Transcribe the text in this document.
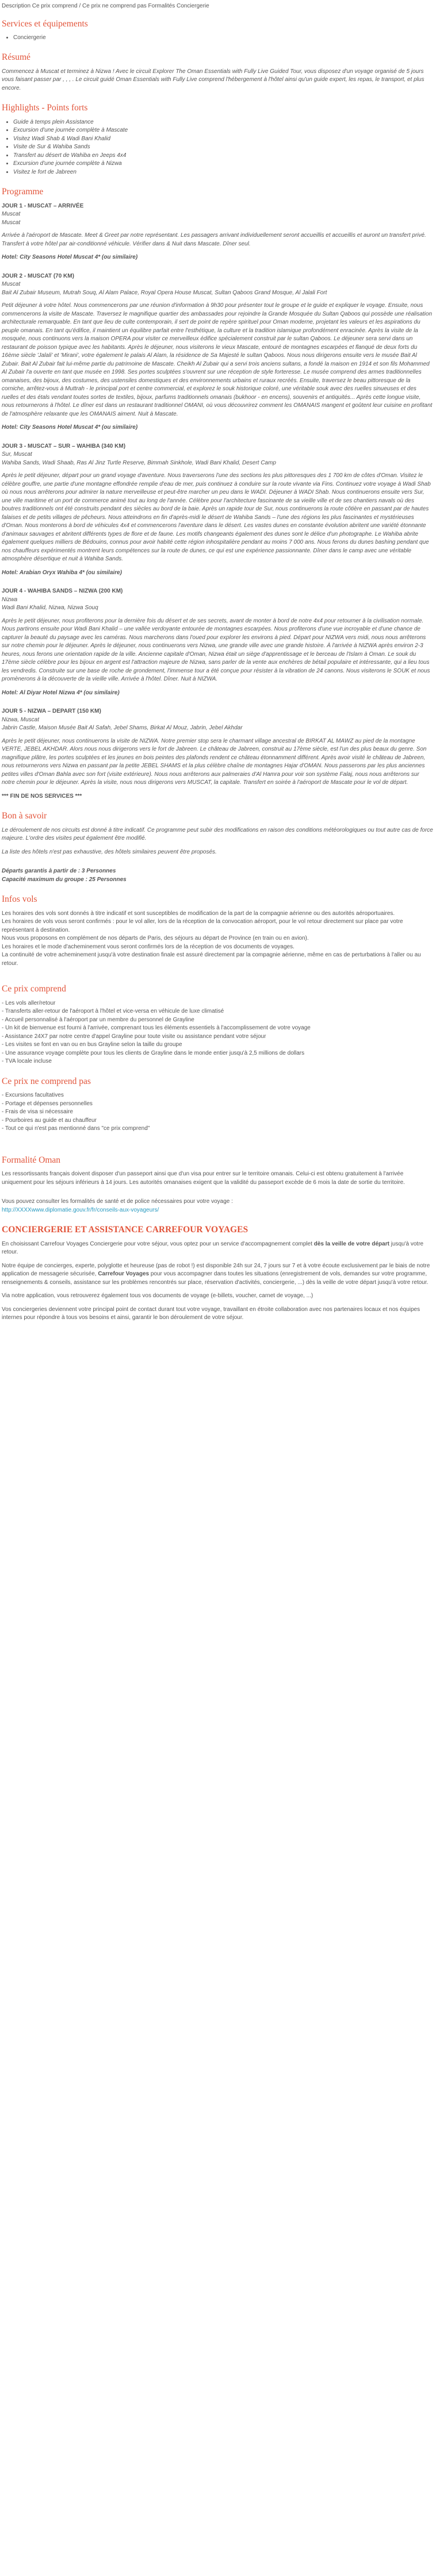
Description Ce prix comprend / Ce prix ne comprend pas Formalités Conciergerie
Services et équipements
• Conciergerie
Résumé

Commencez à Muscat et terminez à Nizwa ! Avec le circuit Explorer The Oman Essentials with Fully Live Guided Tour, vous disposez d'un voyage organisé de 5 jours vous faisant passer par , , , . Le circuit guidé Oman Essentials with Fully Live comprend l'hébergement à l'hôtel ainsi qu'un guide expert, les repas, le transport, et plus encore.

Highlights - Points forts
• Guide à temps plein Assistance
• Excursion d'une journée complète à Mascate
• Visitez Wadi Shab & Wadi Bani Khalid
• Visite de Sur & Wahiba Sands
• Transfert au désert de Wahiba en Jeeps 4x4
• Excursion d'une journée complète à Nizwa
• Visitez le fort de Jabreen
Programme

JOUR 1 - MUSCAT – ARRIVÉE

Muscat

Muscat

Arrivée à l'aéroport de Mascate. Meet & Greet par notre représentant. Les passagers arrivant individuellement seront accueillis et accueillis et auront un transfert privé. Transfert à votre hôtel par air-conditionné véhicule. Vérifier dans & Nuit dans Mascate. Dîner seul.

Hotel: City Seasons Hotel Muscat 4* (ou similaire)

JOUR 2 - MUSCAT (70 KM)

Muscat

Bait Al Zubair Museum, Mutrah Souq, Al Alam Palace, Royal Opera House Muscat, Sultan Qaboos Grand Mosque, Al Jalali Fort

Petit déjeuner à votre hôtel. Nous commencerons par une réunion d'information à 9h30 pour présenter tout le groupe et le guide et expliquer le voyage. Ensuite, nous commencerons la visite de Mascate. Traversez le magnifique quartier des ambassades pour rejoindre la Grande Mosquée du Sultan Qaboos qui possède une réalisation architecturale remarquable. En tant que lieu de culte contemporain, il sert de point de repère spirituel pour Oman moderne, projetant les valeurs et les aspirations du peuple omanais. En tant qu'édifice, il maintient un équilibre parfait entre l'esthétique, la culture et la tradition islamique profondément enracinée. Après la visite de la mosquée, nous continuons vers la maison OPERA pour visiter ce merveilleux édifice spécialement construit par le sultan Qaboos. Le déjeuner sera servi dans un restaurant de poisson typique avec les habitants. Après le déjeuner, nous visiterons le vieux Mascate, entouré de montagnes escarpées et flanqué de deux forts du 16ème siècle 'Jalali' et 'Mirani', votre également le palais Al Alam, la résidence de Sa Majesté le sultan Qaboos. Nous nous dirigerons ensuite vers le musée Bait Al Zubair. Bait Al Zubair fait lui-même partie du patrimoine de Mascate. Cheikh Al Zubair qui a servi trois anciens sultans, a fondé la maison en 1914 et son fils Mohammed Al Zubair l'a ouverte en tant que musée en 1998. Ses portes sculptées s'ouvrent sur une réception de style forteresse. Le musée comprend des armes traditionnelles omanaises, des bijoux, des costumes, des ustensiles domestiques et des environnements urbains et ruraux recréés. Ensuite, traversez le beau pittoresque de la corniche, arrêtez-vous à Muttrah - le principal port et centre commercial, et explorez le souk historique coloré, une véritable souk avec des ruelles sinueuses et des ruelles et des étals vendant toutes sortes de textiles, bijoux, parfums traditionnels omanais (bukhoor - en encens), souvenirs et antiquités... Après cette longue visite, nous retournerons à l'hôtel. Le dîner est dans un restaurant traditionnel OMANI, où vous découvrirez comment les OMANAIS mangent et goûtent leur cuisine en profitant de l'atmosphère relaxante que les OMANAIS aiment. Nuit à Mascate.

Hotel: City Seasons Hotel Muscat 4* (ou similaire)

JOUR 3 - MUSCAT – SUR – WAHIBA (340 KM)

Sur, Muscat

Wahiba Sands, Wadi Shaab, Ras Al Jinz Turtle Reserve, Bimmah Sinkhole, Wadi Bani Khalid, Desert Camp

Après le petit déjeuner, départ pour un grand voyage d'aventure. Nous traverserons l'une des sections les plus pittoresques des 1 700 km de côtes d'Oman. Visitez le célèbre gouffre, une partie d'une montagne effondrée remplie d'eau de mer, puis continuez à conduire sur la route vivante via Fins. Continuez votre voyage à Wadi Shab où nous nous arrêterons pour admirer la nature merveilleuse et peut-être marcher un peu dans le WADI. Déjeuner à WADI Shab. Nous continuerons ensuite vers Sur, une ville maritime et un port de commerce animé tout au long de l'année. Célèbre pour l'architecture fascinante de sa vieille ville et de ses chantiers navals où des boutres traditionnels ont été construits pendant des siècles au bord de la baie. Après un rapide tour de Sur, nous continuerons la route côtière en passant par de hautes falaises et de petits villages de pêcheurs. Nous atteindrons en fin d'après-midi le désert de Wahiba Sands – l'une des régions les plus fascinantes et mystérieuses d'Oman. Nous monterons à bord de véhicules 4x4 et commencerons l'aventure dans le désert. Les vastes dunes en constante évolution abritent une variété étonnante d'animaux sauvages et abritent différents types de flore et de faune. Les motifs changeants également des dunes sont le délice d'un photographe. Le Wahiba abrite également quelques milliers de Bédouins, connus pour avoir habité cette région inhospitalière pendant au moins 7 000 ans. Nous ferons du dunes bashing pendant que nos chauffeurs expérimentés montrent leurs compétences sur la route de dunes, ce qui est une expérience passionnante. Dîner dans le camp avec une véritable atmosphère désertique et nuit à Wahiba Sands.

Hotel: Arabian Oryx Wahiba 4* (ou similaire)

JOUR 4 - WAHIBA SANDS – NIZWA (200 KM)

Nizwa

Wadi Bani Khalid, Nizwa, Nizwa Souq

Après le petit déjeuner, nous profiterons pour la dernière fois du désert et de ses secrets, avant de monter à bord de notre 4x4 pour retourner à la civilisation normale. Nous partirons ensuite pour Wadi Bani Khalid – une vallée verdoyante entourée de montagnes escarpées. Nous profiterons d'une vue incroyable et d'une chance de capturer la beauté du paysage avec les caméras. Nous marcherons dans l'oued pour explorer les environs à pied. Départ pour NIZWA vers midi, nous nous arrêterons sur notre chemin pour le déjeuner. Après le déjeuner, nous continuerons vers Nizwa, une grande ville avec une grande histoire. À l'arrivée à NIZWA après environ 2-3 heures, nous ferons une orientation rapide de la ville. Ancienne capitale d'Oman, Nizwa était un siège d'apprentissage et le berceau de l'Islam à Oman. Le souk du 17ème siècle célèbre pour les bijoux en argent est l'attraction majeure de Nizwa, sans parler de la vente aux enchères de bétail populaire et intéressante, qui a lieu tous les vendredis. Construite sur une base de roche de grondement, l'immense tour a été conçue pour résister à la vibration de 24 canons. Nous visiterons le SOUK et nous promènerons à la découverte de la vieille ville. Arrivée à l'hôtel. Dîner. Nuit à NIZWA.

Hotel: Al Diyar Hotel Nizwa 4* (ou similaire)

JOUR 5 - NIZWA – DEPART (150 KM)

Nizwa, Muscat

Jabrin Castle, Maison Musée Bait Al Safah, Jebel Shams, Birkat Al Mouz, Jabrin, Jebel Akhdar

Après le petit déjeuner, nous continuerons la visite de NIZWA. Notre premier stop sera le charmant village ancestral de BIRKAT AL MAWZ au pied de la montagne VERTE, JEBEL AKHDAR. Alors nous nous dirigerons vers le fort de Jabreen. Le château de Jabreen, construit au 17ème siècle, est l'un des plus beaux du genre. Son magnifique plâtre, les portes sculptées et les jeunes en bois peintes des plafonds rendent ce château étonnamment différent. Après avoir visité le château de Jabreen, nous retournerons vers Nizwa en passant par la petite JEBEL SHAMS et la plus célèbre chaîne de montagnes Hajar d'OMAN. Nous passerons par les plus anciennes petites villes d'Oman Bahla avec son fort (visite extérieure). Nous nous arrêterons aux palmeraies d'Al Hamra pour voir son système Falaj, nous nous arrêterons sur notre chemin pour le déjeuner. Après la visite, nous nous dirigerons vers MUSCAT, la capitale. Transfert en soirée à l'aéroport de Mascate pour le vol de départ.

*** FIN DE NOS SERVICES ***

Bon à savoir

Le déroulement de nos circuits est donné à titre indicatif. Ce programme peut subir des modifications en raison des conditions météorologiques ou tout autre cas de force majeure. L'ordre des visites peut également être modifié.

La liste des hôtels n'est pas exhaustive, des hôtels similaires peuvent être proposés.

Départs garantis à partir de : 3 Personnes

Capacité maximum du groupe : 25 Personnes

Infos vols

Les horaires des vols sont donnés à titre indicatif et sont susceptibles de modification de la part de la compagnie aérienne ou des autorités aéroportuaires.

Les horaires de vols vous seront confirmés : pour le vol aller, lors de la réception de la convocation aéroport, pour le vol retour directement sur place par votre représentant à destination.

Nous vous proposons en complément de nos départs de Paris, des séjours au départ de Province (en train ou en avion).

Les horaires et le mode d'acheminement vous seront confirmés lors de la réception de vos documents de voyages.

La continuité de votre acheminement jusqu'à votre destination finale est assuré directement par la compagnie aérienne, même en cas de perturbations à l'aller ou au retour.

Ce prix comprend

- Les vols aller/retour

- Transferts aller-retour de l'aéroport à l'hôtel et vice-versa en véhicule de luxe climatisé

- Accueil personnalisé à l'aéroport par un membre du personnel de Grayline

- Un kit de bienvenue est fourni à l'arrivée, comprenant tous les éléments essentiels à l'accomplissement de votre voyage

- Assistance 24X7 par notre centre d'appel Grayline pour toute visite ou assistance pendant votre séjour

- Les visites se font en van ou en bus Grayline selon la taille du groupe

- Une assurance voyage complète pour tous les clients de Grayline dans le monde entier jusqu'à 2,5 millions de dollars

- TVA locale incluse

Ce prix ne comprend pas

- Excursions facultatives

- Portage et dépenses personnelles

- Frais de visa si nécessaire

- Pourboires au guide et au chauffeur

- Tout ce qui n'est pas mentionné dans "ce prix comprend"

Formalité Oman

Les ressortissants français doivent disposer d'un passeport ainsi que d'un visa pour entrer sur le territoire omanais. Celui-ci est obtenu gratuitement à l'arrivée uniquement pour les séjours inférieurs à 14 jours. Les autorités omanaises exigent que la validité du passeport excède de 6 mois la date de sortie du territoire.

Vous pouvez consulter les formalités de santé et de police nécessaires pour votre voyage :

http://XXXXwww.diplomatie.gouv.fr/fr/conseils-aux-voyageurs/

CONCIERGERIE ET ASSISTANCE CARREFOUR VOYAGES

En choisissant Carrefour Voyages Conciergerie pour votre séjour, vous optez pour un service d'accompagnement complet dès la veille de votre départ jusqu'à votre retour.

Notre équipe de concierges, experte, polyglotte et heureuse (pas de robot !) est disponible 24h sur 24, 7 jours sur 7 et à votre écoute exclusivement par le biais de notre application de messagerie sécurisée, Carrefour Voyages pour vous accompagner dans toutes les situations (enregistrement de vols, demandes sur votre programme, renseignements & conseils, assistance sur les problèmes rencontrés sur place, réservation d'activités, conciergerie, ...) dès la veille de votre départ jusqu'à votre retour.

Via notre application, vous retrouverez également tous vos documents de voyage (e-billets, voucher, carnet de voyage, ...)

Vos conciergeries deviennent votre principal point de contact durant tout votre voyage, travaillant en étroite collaboration avec nos partenaires locaux et nos équipes internes pour répondre à tous vos besoins et ainsi, garantir le bon déroulement de votre séjour.
